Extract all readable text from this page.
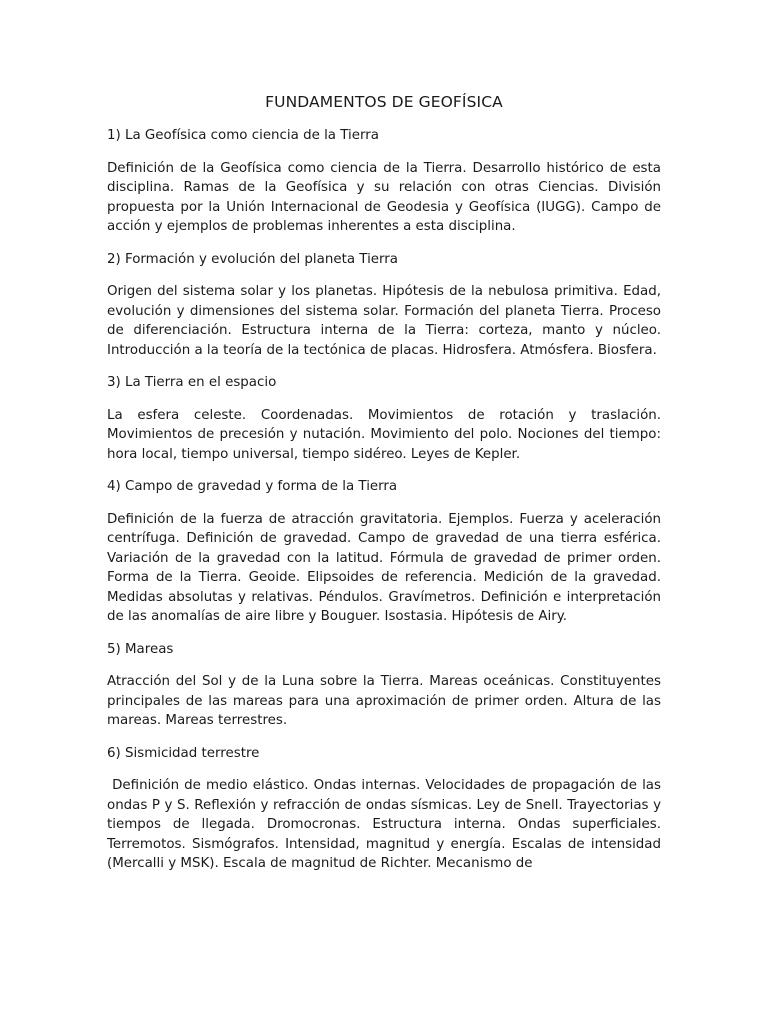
FUNDAMENTOS DE GEOFÍSICA

1) La Geofísica como ciencia de la Tierra

Definición de la Geofísica como ciencia de la Tierra. Desarrollo histórico de esta disciplina. Ramas de la Geofísica y su relación con otras Ciencias. División propuesta por la Unión Internacional de Geodesia y Geofísica (IUGG). Campo de acción y ejemplos de problemas inherentes a esta disciplina.

2) Formación y evolución del planeta Tierra

Origen del sistema solar y los planetas. Hipótesis de la nebulosa primitiva. Edad, evolución y dimensiones del sistema solar. Formación del planeta Tierra. Proceso de diferenciación. Estructura interna de la Tierra: corteza, manto y núcleo. Introducción a la teoría de la tectónica de placas. Hidrosfera. Atmósfera. Biosfera.

3) La Tierra en el espacio

La esfera celeste. Coordenadas. Movimientos de rotación y traslación. Movimientos de precesión y nutación. Movimiento del polo. Nociones del tiempo: hora local, tiempo universal, tiempo sidéreo. Leyes de Kepler.

4) Campo de gravedad y forma de la Tierra

Definición de la fuerza de atracción gravitatoria. Ejemplos. Fuerza y aceleración centrífuga. Definición de gravedad. Campo de gravedad de una tierra esférica. Variación de la gravedad con la latitud. Fórmula de gravedad de primer orden. Forma de la Tierra. Geoide. Elipsoides de referencia. Medición de la gravedad. Medidas absolutas y relativas. Péndulos. Gravímetros. Definición e interpretación de las anomalías de aire libre y Bouguer. Isostasia. Hipótesis de Airy.

5) Mareas

Atracción del Sol y de la Luna sobre la Tierra. Mareas oceánicas. Constituyentes principales de las mareas para una aproximación de primer orden. Altura de las mareas. Mareas terrestres.

6) Sismicidad terrestre

Definición de medio elástico. Ondas internas. Velocidades de propagación de las ondas P y S. Reflexión y refracción de ondas sísmicas. Ley de Snell. Trayectorias y tiempos de llegada. Dromocronas. Estructura interna. Ondas superficiales. Terremotos. Sismógrafos. Intensidad, magnitud y energía. Escalas de intensidad (Mercalli y MSK). Escala de magnitud de Richter. Mecanismo de
